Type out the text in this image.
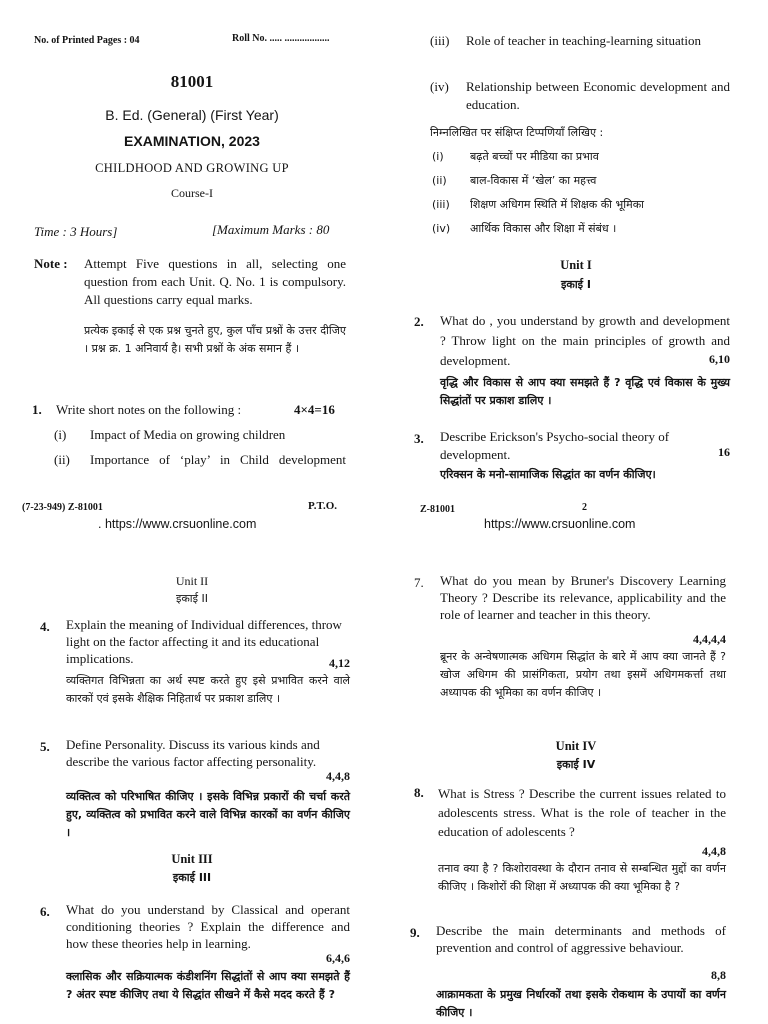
No. of Printed Pages : 04	Roll No. ..... ..................
81001
B. Ed. (General) (First Year)
EXAMINATION, 2023
CHILDHOOD AND GROWING UP
Course-I
Time : 3 Hours]	[Maximum Marks : 80
Note : Attempt Five questions in all, selecting one question from each Unit. Q. No. 1 is compulsory. All questions carry equal marks.
प्रत्येक इकाई से एक प्रश्न चुनते हुए, कुल पाँच प्रश्नों के उत्तर दीजिए । प्रश्न क्र. 1 अनिवार्य है। सभी प्रश्नों के अंक समान हैं ।
1. Write short notes on the following :	4×4=16
(i) Impact of Media on growing children
(ii) Importance of ‘play’ in Child development
(7-23-949) Z-81001	P.T.O.
. https://www.crsuonline.com
(iii) Role of teacher in teaching-learning situation
(iv) Relationship between Economic development and education.
निम्नलिखित पर संक्षिप्त टिप्पणियाँ लिखिए :
(i) बढ़ते बच्चों पर मीडिया का प्रभाव
(ii) बाल-विकास में ‘खेल’ का महत्त्व
(iii) शिक्षण अधिगम स्थिति में शिक्षक की भूमिका
(iv) आर्थिक विकास और शिक्षा में संबंध ।
Unit I
इकाई I
2. What do , you understand by growth and development ? Throw light on the main principles of growth and development.	6,10
वृद्धि और विकास से आप क्या समझते हैं ? वृद्धि एवं विकास के मुख्य सिद्धांतों पर प्रकाश डालिए ।
3. Describe Erickson's Psycho-social theory of development.	16
एरिक्सन के मनो-सामाजिक सिद्धांत का वर्णन कीजिए।
Z-81001	2
https://www.crsuonline.com
Unit II
इकाई II
4. Explain the meaning of Individual differences, throw light on the factor affecting it and its educational implications.	4,12
व्यक्तिगत विभिन्नता का अर्थ स्पष्ट करते हुए इसे प्रभावित करने वाले कारकों एवं इसके शैक्षिक निहितार्थ पर प्रकाश डालिए ।
5. Define Personality. Discuss its various kinds and describe the various factor affecting personality.
4,4,8
व्यक्तित्व को परिभाषित कीजिए । इसके विभिन्न प्रकारों की चर्चा करते हुए, व्यक्तित्व को प्रभावित करने वाले विभिन्न कारकों का वर्णन कीजिए ।
Unit III
इकाई III
6. What do you understand by Classical and operant conditioning theories ? Explain the difference and how these theories help in learning.
6,4,6
क्लासिक और सक्रियात्मक कंडीशनिंग सिद्धांतों से आप क्या समझते हैं ? अंतर स्पष्ट कीजिए तथा ये सिद्धांत सीखने में कैसे मदद करते हैं ?
7. What do you mean by Bruner's Discovery Learning Theory ? Describe its relevance, applicability and the role of learner and teacher in this theory.
4,4,4,4
ब्रूनर के अन्वेषणात्मक अधिगम सिद्धांत के बारे में आप क्या जानते हैं ? खोज अधिगम की प्रासंगिकता, प्रयोग तथा इसमें अधिगमकर्त्ता तथा अध्यापक की भूमिका का वर्णन कीजिए ।
Unit IV
इकाई IV
8. What is Stress ? Describe the current issues related to adolescents stress. What is the role of teacher in the education of adolescents ?
4,4,8
तनाव क्या है ? किशोरावस्था के दौरान तनाव से सम्बन्धित मुद्दों का वर्णन कीजिए । किशोरों की शिक्षा में अध्यापक की क्या भूमिका है ?
9. Describe the main determinants and methods of prevention and control of aggressive behaviour.
8,8
आक्रामकता के प्रमुख निर्धारकों तथा इसके रोकथाम के उपायों का वर्णन कीजिए ।
